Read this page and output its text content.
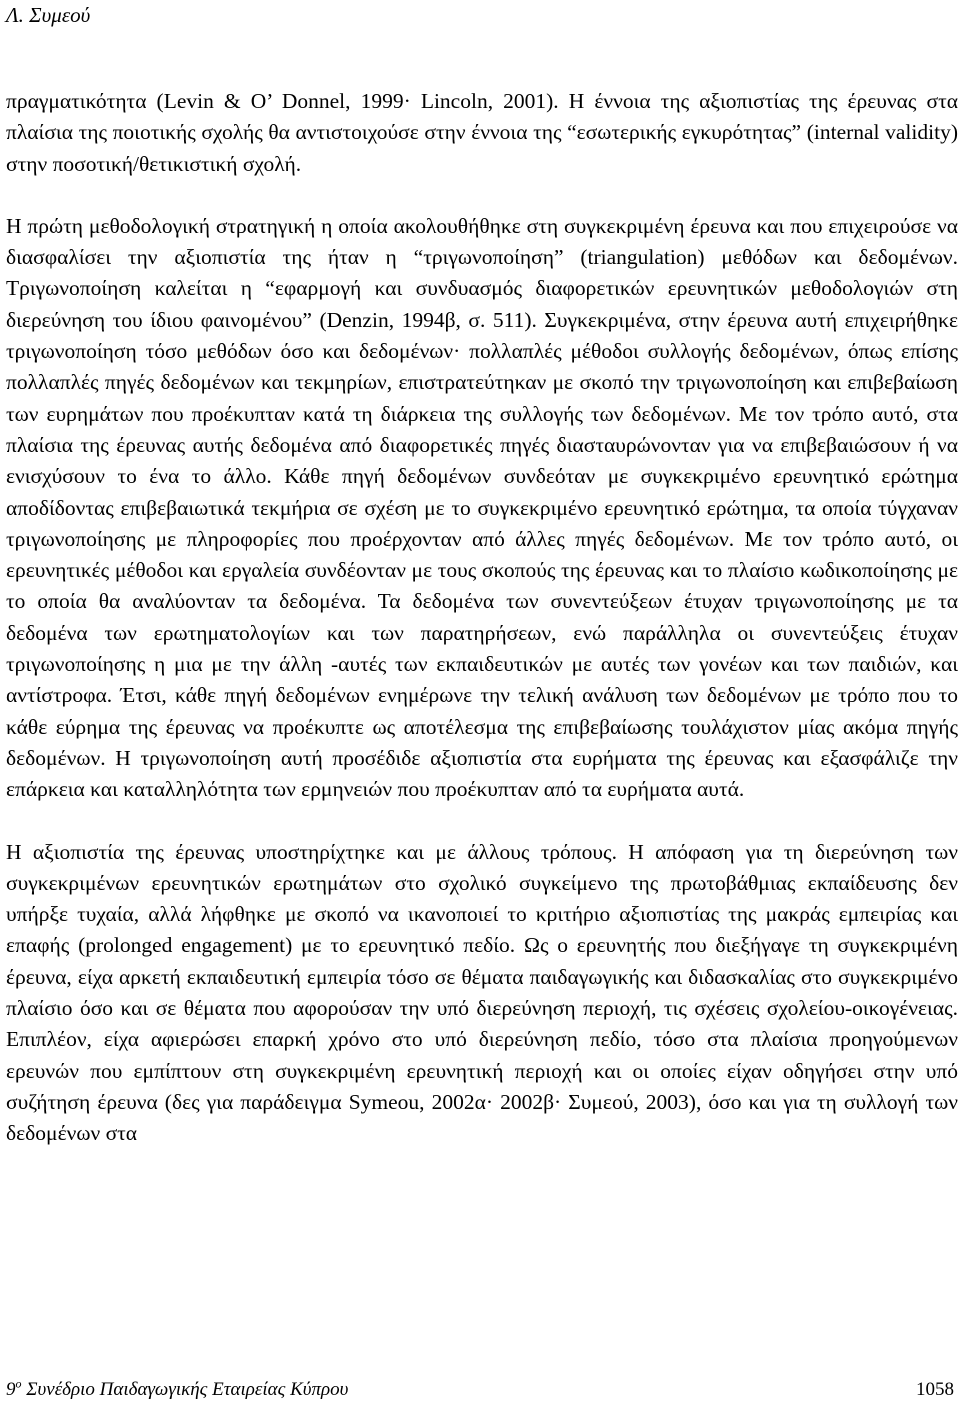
Λ. Συμεού

πραγματικότητα (Levin & O’ Donnel, 1999· Lincoln, 2001). Η έννοια της αξιοπιστίας της έρευνας στα πλαίσια της ποιοτικής σχολής θα αντιστοιχούσε στην έννοια της “εσωτερικής εγκυρότητας” (internal validity) στην ποσοτική/θετικιστική σχολή.

Η πρώτη μεθοδολογική στρατηγική η οποία ακολουθήθηκε στη συγκεκριμένη έρευνα και που επιχειρούσε να διασφαλίσει την αξιοπιστία της ήταν η “τριγωνοποίηση” (triangulation) μεθόδων και δεδομένων. Τριγωνοποίηση καλείται η “εφαρμογή και συνδυασμός διαφορετικών ερευνητικών μεθοδολογιών στη διερεύνηση του ίδιου φαινομένου” (Denzin, 1994β, σ. 511). Συγκεκριμένα, στην έρευνα αυτή επιχειρήθηκε τριγωνοποίηση τόσο μεθόδων όσο και δεδομένων· πολλαπλές μέθοδοι συλλογής δεδομένων, όπως επίσης πολλαπλές πηγές δεδομένων και τεκμηρίων, επιστρατεύτηκαν με σκοπό την τριγωνοποίηση και επιβεβαίωση των ευρημάτων που προέκυπταν κατά τη διάρκεια της συλλογής των δεδομένων. Με τον τρόπο αυτό, στα πλαίσια της έρευνας αυτής δεδομένα από διαφορετικές πηγές διασταυρώνονταν για να επιβεβαιώσουν ή να ενισχύσουν το ένα το άλλο. Κάθε πηγή δεδομένων συνδεόταν με συγκεκριμένο ερευνητικό ερώτημα αποδίδοντας επιβεβαιωτικά τεκμήρια σε σχέση με το συγκεκριμένο ερευνητικό ερώτημα, τα οποία τύγχαναν τριγωνοποίησης με πληροφορίες που προέρχονταν από άλλες πηγές δεδομένων. Με τον τρόπο αυτό, οι ερευνητικές μέθοδοι και εργαλεία συνδέονταν με τους σκοπούς της έρευνας και το πλαίσιο κωδικοποίησης με το οποία θα αναλύονταν τα δεδομένα. Τα δεδομένα των συνεντεύξεων έτυχαν τριγωνοποίησης με τα δεδομένα των ερωτηματολογίων και των παρατηρήσεων, ενώ παράλληλα οι συνεντεύξεις έτυχαν τριγωνοποίησης η μια με την άλλη -αυτές των εκπαιδευτικών με αυτές των γονέων και των παιδιών, και αντίστροφα. Έτσι, κάθε πηγή δεδομένων ενημέρωνε την τελική ανάλυση των δεδομένων με τρόπο που το κάθε εύρημα της έρευνας να προέκυπτε ως αποτέλεσμα της επιβεβαίωσης τουλάχιστον μίας ακόμα πηγής δεδομένων. Η τριγωνοποίηση αυτή προσέδιδε αξιοπιστία στα ευρήματα της έρευνας και εξασφάλιζε την επάρκεια και καταλληλότητα των ερμηνειών που προέκυπταν από τα ευρήματα αυτά.

Η αξιοπιστία της έρευνας υποστηρίχτηκε και με άλλους τρόπους. Η απόφαση για τη διερεύνηση των συγκεκριμένων ερευνητικών ερωτημάτων στο σχολικό συγκείμενο της πρωτοβάθμιας εκπαίδευσης δεν υπήρξε τυχαία, αλλά λήφθηκε με σκοπό να ικανοποιεί το κριτήριο αξιοπιστίας της μακράς εμπειρίας και επαφής (prolonged engagement) με το ερευνητικό πεδίο. Ως ο ερευνητής που διεξήγαγε τη συγκεκριμένη έρευνα, είχα αρκετή εκπαιδευτική εμπειρία τόσο σε θέματα παιδαγωγικής και διδασκαλίας στο συγκεκριμένο πλαίσιο όσο και σε θέματα που αφορούσαν την υπό διερεύνηση περιοχή, τις σχέσεις σχολείου-οικογένειας. Επιπλέον, είχα αφιερώσει επαρκή χρόνο στο υπό διερεύνηση πεδίο, τόσο στα πλαίσια προηγούμενων ερευνών που εμπίπτουν στη συγκεκριμένη ερευνητική περιοχή και οι οποίες είχαν οδηγήσει στην υπό συζήτηση έρευνα (δες για παράδειγμα Symeou, 2002α· 2002β· Συμεού, 2003), όσο και για τη συλλογή των δεδομένων στα

$9^o$ Συνέδριο Παιδαγωγικής Εταιρείας Κύπρου	1058
